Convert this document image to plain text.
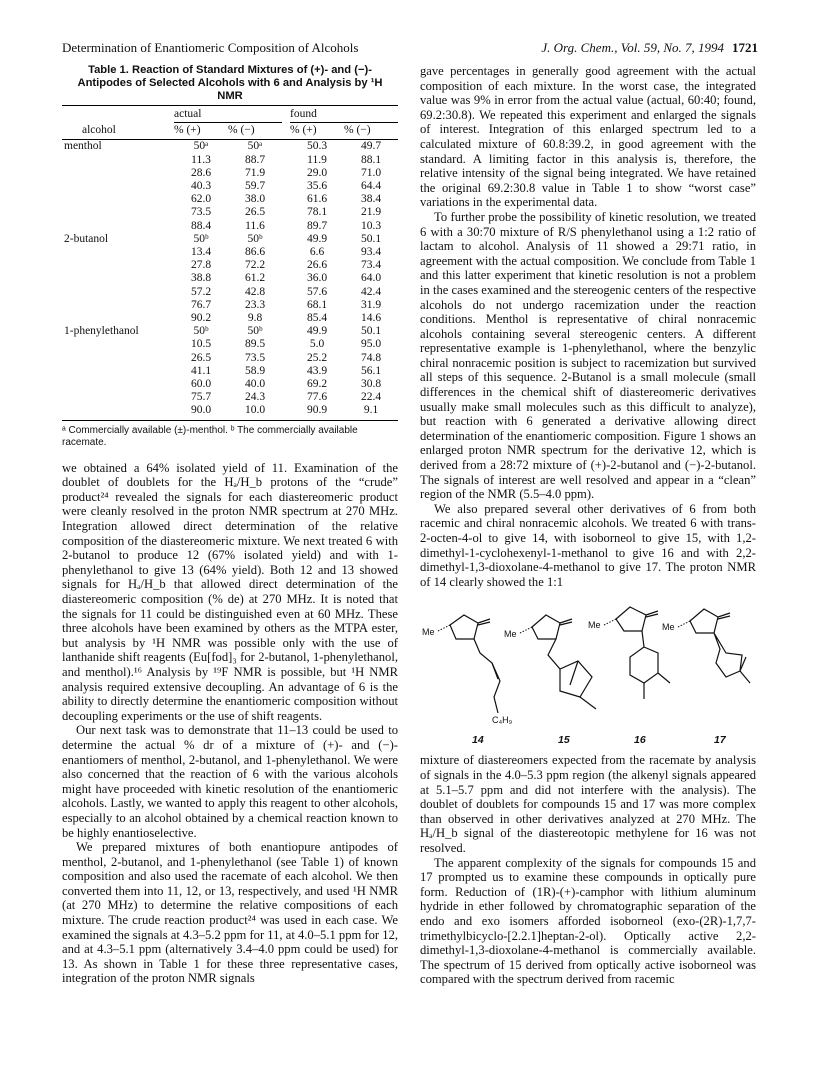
Determination of Enantiomeric Composition of Alcohols	J. Org. Chem., Vol. 59, No. 7, 1994 1721
Table 1. Reaction of Standard Mixtures of (+)- and (−)-Antipodes of Selected Alcohols with 6 and Analysis by ¹H NMR
	actual			found	
alcohol	% (+)	% (−)		% (+)	% (−)
menthol	50ᵃ	50ᵃ		50.3	49.7
	11.3	88.7		11.9	88.1
	28.6	71.9		29.0	71.0
	40.3	59.7		35.6	64.4
	62.0	38.0		61.6	38.4
	73.5	26.5		78.1	21.9
	88.4	11.6		89.7	10.3
2-butanol	50ᵇ	50ᵇ		49.9	50.1
	13.4	86.6		6.6	93.4
	27.8	72.2		26.6	73.4
	38.8	61.2		36.0	64.0
	57.2	42.8		57.6	42.4
	76.7	23.3		68.1	31.9
	90.2	9.8		85.4	14.6
1-phenylethanol	50ᵇ	50ᵇ		49.9	50.1
	10.5	89.5		5.0	95.0
	26.5	73.5		25.2	74.8
	41.1	58.9		43.9	56.1
	60.0	40.0		69.2	30.8
	75.7	24.3		77.6	22.4
	90.0	10.0		90.9	9.1
ᵃ Commercially available (±)-menthol. ᵇ The commercially available racemate.

we obtained a 64% isolated yield of 11. Examination of the doublet of doublets for the Hₐ/H_b protons of the “crude” product²⁴ revealed the signals for each diastereomeric product were cleanly resolved in the proton NMR spectrum at 270 MHz. Integration allowed direct determination of the relative composition of the diastereomeric mixture. We next treated 6 with 2-butanol to produce 12 (67% isolated yield) and with 1-phenylethanol to give 13 (64% yield). Both 12 and 13 showed signals for Hₐ/H_b that allowed direct determination of the diastereomeric composition (% de) at 270 MHz. It is noted that the signals for 11 could be distinguished even at 60 MHz. These three alcohols have been examined by others as the MTPA ester, but analysis by ¹H NMR was possible only with the use of lanthanide shift reagents (Eu[fod]₃ for 2-butanol, 1-phenylethanol, and menthol).¹⁶ Analysis by ¹⁹F NMR is possible, but ¹H NMR analysis required extensive decoupling. An advantage of 6 is the ability to directly determine the enantiomeric composition without decoupling experiments or the use of shift reagents.

Our next task was to demonstrate that 11–13 could be used to determine the actual % dr of a mixture of (+)- and (−)-enantiomers of menthol, 2-butanol, and 1-phenylethanol. We were also concerned that the reaction of 6 with the various alcohols might have proceeded with kinetic resolution of the enantiomeric alcohols. Lastly, we wanted to apply this reagent to other alcohols, especially to an alcohol obtained by a chemical reaction known to be highly enantioselective.

We prepared mixtures of both enantiopure antipodes of menthol, 2-butanol, and 1-phenylethanol (see Table 1) of known composition and also used the racemate of each alcohol. We then converted them into 11, 12, or 13, respectively, and used ¹H NMR (at 270 MHz) to determine the relative compositions of each mixture. The crude reaction product²⁴ was used in each case. We examined the signals at 4.3–5.2 ppm for 11, at 4.0–5.1 ppm for 12, and at 4.3–5.1 ppm (alternatively 3.4–4.0 ppm could be used) for 13. As shown in Table 1 for these three representative cases, integration of the proton NMR signals

gave percentages in generally good agreement with the actual composition of each mixture. In the worst case, the integrated value was 9% in error from the actual value (actual, 60:40; found, 69.2:30.8). We repeated this experiment and enlarged the signals of interest. Integration of this enlarged spectrum led to a calculated mixture of 60.8:39.2, in good agreement with the standard. A limiting factor in this analysis is, therefore, the relative intensity of the signal being integrated. We have retained the original 69.2:30.8 value in Table 1 to show “worst case” variations in the experimental data.

To further probe the possibility of kinetic resolution, we treated 6 with a 30:70 mixture of R/S phenylethanol using a 1:2 ratio of lactam to alcohol. Analysis of 11 showed a 29:71 ratio, in agreement with the actual composition. We conclude from Table 1 and this latter experiment that kinetic resolution is not a problem in the cases examined and the stereogenic centers of the respective alcohols do not undergo racemization under the reaction conditions. Menthol is representative of chiral nonracemic alcohols containing several stereogenic centers. A different representative example is 1-phenylethanol, where the benzylic chiral nonracemic position is subject to racemization but survived all steps of this sequence. 2-Butanol is a small molecule (small differences in the chemical shift of diastereomeric derivatives usually make small molecules such as this difficult to analyze), but reaction with 6 generated a derivative allowing direct determination of the enantiomeric composition. Figure 1 shows an enlarged proton NMR spectrum for the derivative 12, which is derived from a 28:72 mixture of (+)-2-butanol and (−)-2-butanol. The signals of interest are well resolved and appear in a “clean” region of the NMR (5.5–4.0 ppm).

We also prepared several other derivatives of 6 from both racemic and chiral nonracemic alcohols. We treated 6 with trans-2-octen-4-ol to give 14, with isoborneol to give 15, with 1,2-dimethyl-1-cyclohexenyl-1-methanol to give 16 and with 2,2-dimethyl-1,3-dioxolane-4-methanol to give 17. The proton NMR of 14 clearly showed the 1:1

Me	Me
Me	Me
C₄H₉
14	15	16	17

mixture of diastereomers expected from the racemate by analysis of signals in the 4.0–5.3 ppm region (the alkenyl signals appeared at 5.1–5.7 ppm and did not interfere with the analysis). The doublet of doublets for compounds 15 and 17 was more complex than observed in other derivatives analyzed at 270 MHz. The Hₐ/H_b signal of the diastereotopic methylene for 16 was not resolved.

The apparent complexity of the signals for compounds 15 and 17 prompted us to examine these compounds in optically pure form. Reduction of (1R)-(+)-camphor with lithium aluminum hydride in ether followed by chromatographic separation of the endo and exo isomers afforded isoborneol (exo-(2R)-1,7,7-trimethylbicyclo-[2.2.1]heptan-2-ol). Optically active 2,2-dimethyl-1,3-dioxolane-4-methanol is commercially available. The spectrum of 15 derived from optically active isoborneol was compared with the spectrum derived from racemic
